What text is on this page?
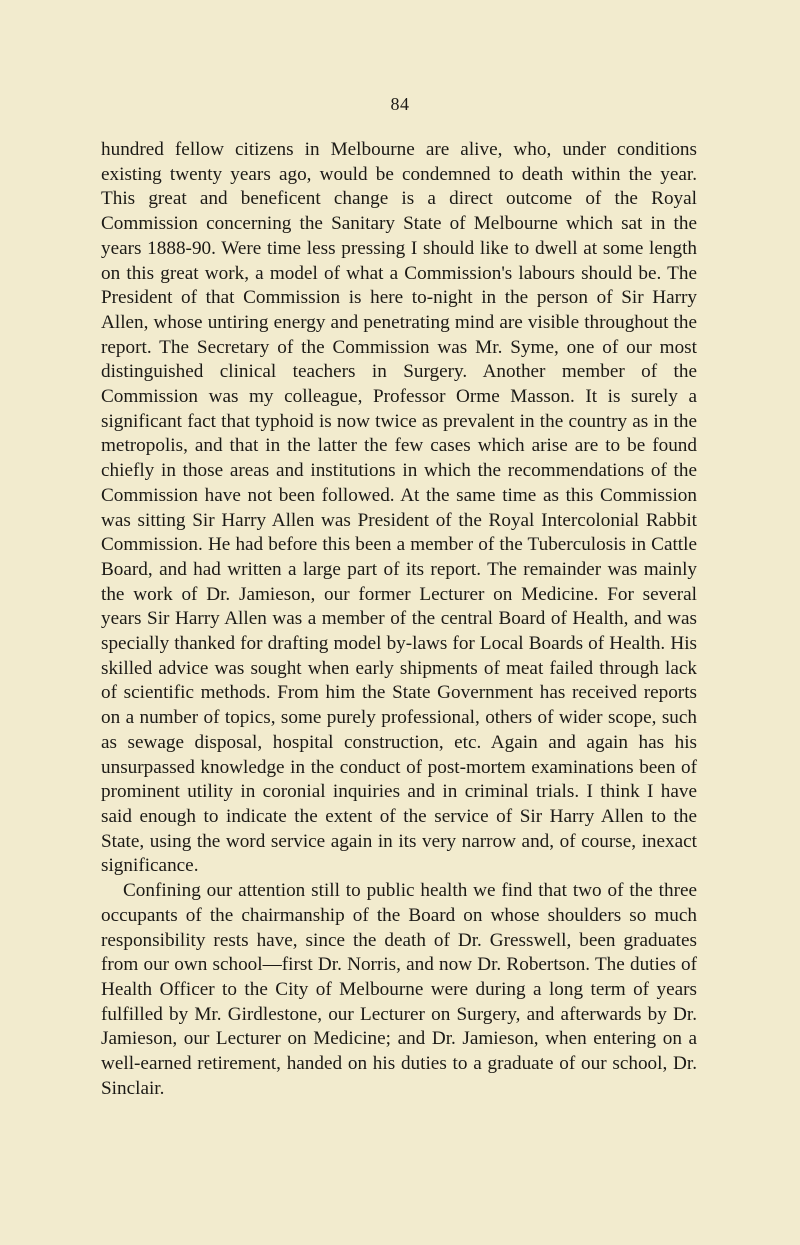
84

hundred fellow citizens in Melbourne are alive, who, under conditions existing twenty years ago, would be condemned to death within the year. This great and beneficent change is a direct outcome of the Royal Commission concerning the Sanitary State of Melbourne which sat in the years 1888-90. Were time less pressing I should like to dwell at some length on this great work, a model of what a Commission's labours should be. The President of that Commission is here to-night in the person of Sir Harry Allen, whose untiring energy and penetrating mind are visible throughout the report. The Secretary of the Commission was Mr. Syme, one of our most distinguished clinical teachers in Surgery. Another member of the Commission was my colleague, Professor Orme Masson. It is surely a significant fact that typhoid is now twice as prevalent in the country as in the metropolis, and that in the latter the few cases which arise are to be found chiefly in those areas and institutions in which the recommendations of the Commission have not been followed. At the same time as this Commission was sitting Sir Harry Allen was President of the Royal Intercolonial Rabbit Commission. He had before this been a member of the Tuberculosis in Cattle Board, and had written a large part of its report. The remainder was mainly the work of Dr. Jamieson, our former Lecturer on Medicine. For several years Sir Harry Allen was a member of the central Board of Health, and was specially thanked for drafting model by-laws for Local Boards of Health. His skilled advice was sought when early shipments of meat failed through lack of scientific methods. From him the State Government has received reports on a number of topics, some purely professional, others of wider scope, such as sewage disposal, hospital construction, etc. Again and again has his unsurpassed knowledge in the conduct of post-mortem examinations been of prominent utility in coronial inquiries and in criminal trials. I think I have said enough to indicate the extent of the service of Sir Harry Allen to the State, using the word service again in its very narrow and, of course, inexact significance.

Confining our attention still to public health we find that two of the three occupants of the chairmanship of the Board on whose shoulders so much responsibility rests have, since the death of Dr. Gresswell, been graduates from our own school—first Dr. Norris, and now Dr. Robertson. The duties of Health Officer to the City of Melbourne were during a long term of years fulfilled by Mr. Girdlestone, our Lecturer on Surgery, and afterwards by Dr. Jamieson, our Lecturer on Medicine; and Dr. Jamieson, when entering on a well-earned retirement, handed on his duties to a graduate of our school, Dr. Sinclair.
